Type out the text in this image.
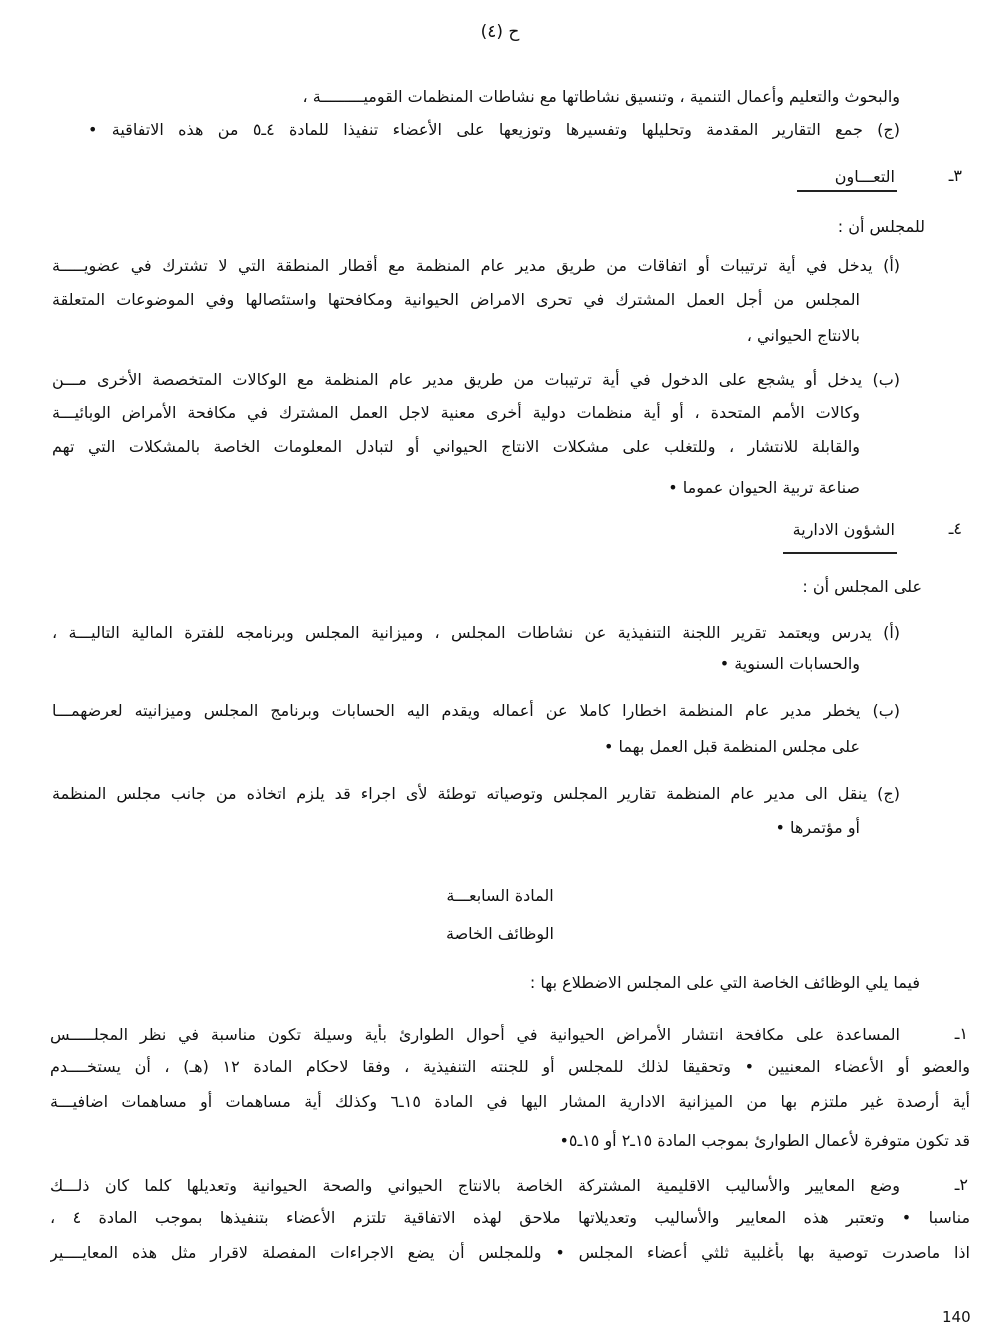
ح (٤)
والبحوث والتعليم وأعمال التنمية ، وتنسيق نشاطاتها مع نشاطات المنظمات القوميـــــــــة ،
(ج) جمع التقارير المقدمة وتحليلها وتفسيرها وتوزيعها على الأعضاء تنفيذا للمادة ٤ـ٥ من هذه الاتفاقية •
٣ـ
التعـــاون
للمجلس أن :
(أ) يدخل في أية ترتيبات أو اتفاقات من طريق مدير عام المنظمة مع أقطار المنطقة التي لا تشترك في عضويـــــة
المجلس من أجل العمل المشترك في تحرى الامراض الحيوانية ومكافحتها واستئصالها وفي الموضوعات المتعلقة
بالانتاج الحيواني ،
(ب) يدخل أو يشجع على الدخول في أية ترتيبات من طريق مدير عام المنظمة مع الوكالات المتخصصة الأخرى مـــن
وكالات الأمم المتحدة ، أو أية منظمات دولية أخرى معنية لاجل العمل المشترك في مكافحة الأمراض الوبائيـــة
والقابلة للانتشار ، وللتغلب على مشكلات الانتاج الحيواني أو لتبادل المعلومات الخاصة بالمشكلات التي تهم
صناعة تربية الحيوان عموما •
٤ـ
الشؤون الادارية
على المجلس أن :
(أ) يدرس ويعتمد تقرير اللجنة التنفيذية عن نشاطات المجلس ، وميزانية المجلس وبرنامجه للفترة المالية التاليـــة ،
والحسابات السنوية •
(ب) يخطر مدير عام المنظمة اخطارا كاملا عن أعماله ويقدم اليه الحسابات وبرنامج المجلس وميزانيته لعرضهمـــا
على مجلس المنظمة قبل العمل بهما •
(ج) ينقل الى مدير عام المنظمة تقارير المجلس وتوصياته توطئة لأى اجراء قد يلزم اتخاذه من جانب مجلس المنظمة
أو مؤتمرها •
المادة السابعـــة
الوظائف الخاصة
فيما يلي الوظائف الخاصة التي على المجلس الاضطلاع بها :
١ـ
المساعدة على مكافحة انتشار الأمراض الحيوانية في أحوال الطوارئ بأية وسيلة تكون مناسبة في نظر المجلـــــس
والعضو أو الأعضاء المعنيين • وتحقيقا لذلك للمجلس أو للجنته التنفيذية ، وفقا لاحكام المادة ١٢ (هـ) ، أن يستخــــدم
أية أرصدة غير ملتزم بها من الميزانية الادارية المشار اليها في المادة ١٥ـ٦ وكذلك أية مساهمات أو مساهمات اضافيـــة
قد تكون متوفرة لأعمال الطوارئ بموجب المادة ١٥ـ٢ أو ١٥ـ٥•
٢ـ
وضع المعايير والأساليب الاقليمية المشتركة الخاصة بالانتاج الحيواني والصحة الحيوانية وتعديلها كلما كان ذلـــك
مناسبا • وتعتبر هذه المعايير والأساليب وتعديلاتها ملاحق لهذه الاتفاقية تلتزم الأعضاء بتنفيذها بموجب المادة ٤ ،
اذا ماصدرت توصية بها بأغلبية ثلثي أعضاء المجلس • وللمجلس أن يضع الاجراءات المفصلة لاقرار مثل هذه المعايــــير
140
